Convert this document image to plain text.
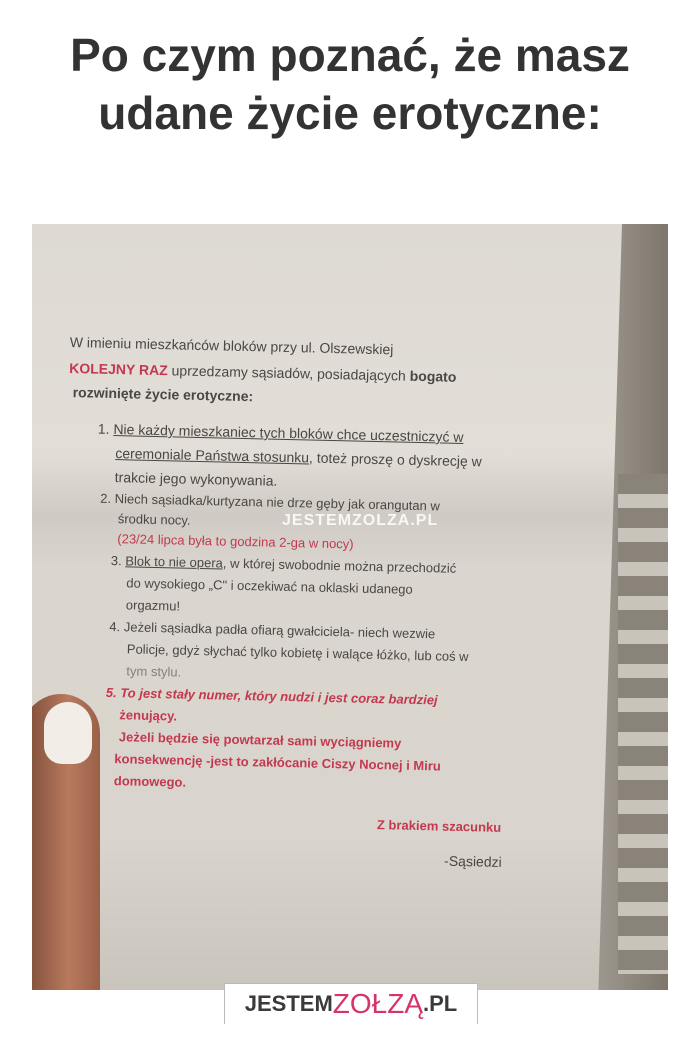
Po czym poznać, że masz udane życie erotyczne:
W imieniu mieszkańców bloków przy ul. Olszewskiej
KOLEJNY RAZ uprzedzamy sąsiadów, posiadających bogato
rozwinięte życie erotyczne:
1. Nie każdy mieszkaniec tych bloków chce uczestniczyć w
ceremoniale Państwa stosunku, toteż proszę o dyskrecję w
trakcie jego wykonywania.
2. Niech sąsiadka/kurtyzana nie drze gęby jak orangutan w
środku nocy.
(23/24 lipca była to godzina 2-ga w nocy)
3. Blok to nie opera, w której swobodnie można przechodzić
do wysokiego „C" i oczekiwać na oklaski udanego
orgazmu!
4. Jeżeli sąsiadka padła ofiarą gwałciciela- niech wezwie
Policje, gdyż słychać tylko kobietę i walące łóżko, lub coś w
tym stylu.
5. To jest stały numer, który nudzi i jest coraz bardziej
żenujący.
Jeżeli będzie się powtarzał sami wyciągniemy
konsekwencję -jest to zakłócanie Ciszy Nocnej i Miru
domowego.
Z brakiem szacunku
-Sąsiedzi
JESTEMZOLZA.PL
JESTEM ZOŁZĄ .PL
